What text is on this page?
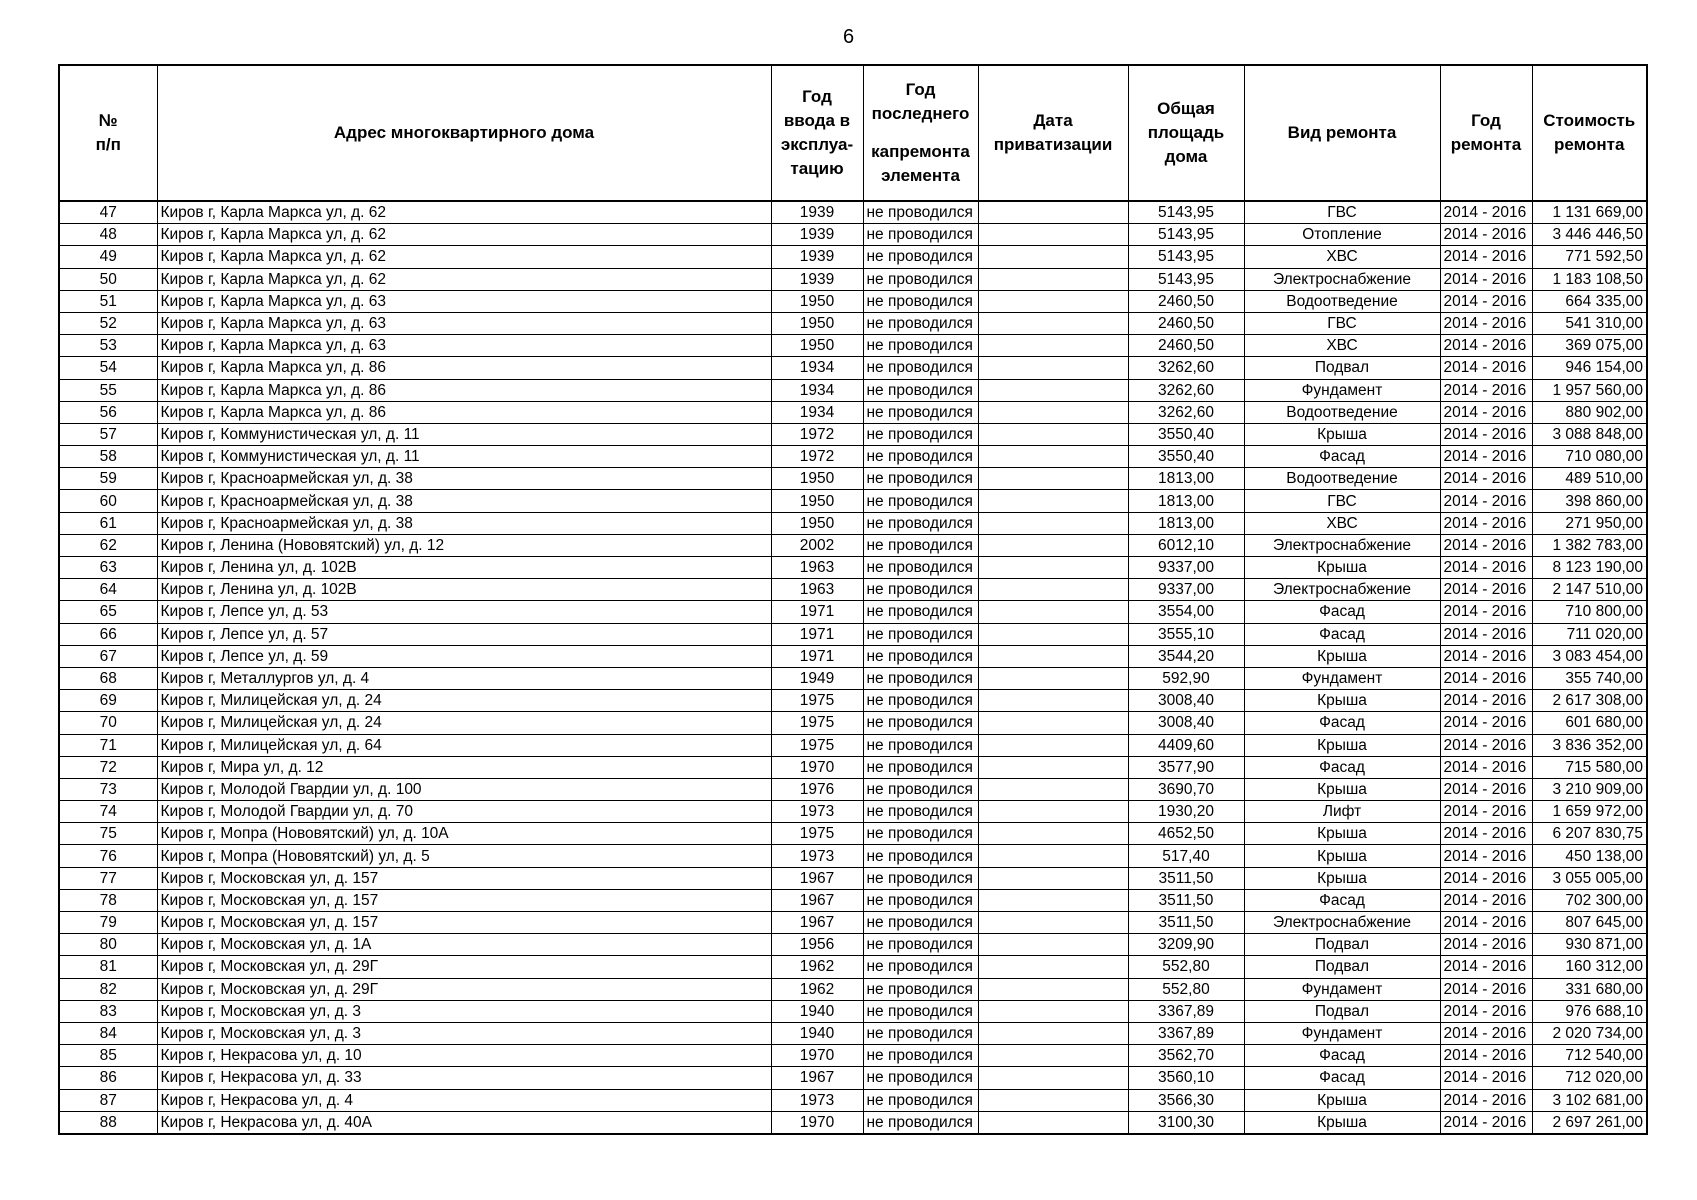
6
№
п/п	Адрес многоквартирного дома	Год
ввода в
эксплуа-
тацию	Год
последнего
капремонта
элемента	Дата
приватизации	Общая
площадь
дома	Вид ремонта	Год
ремонта	Стоимость
ремонта
47	Киров г, Карла Маркса ул, д. 62	1939	не проводился		5143,95	ГВС	2014 - 2016	1 131 669,00
48	Киров г, Карла Маркса ул, д. 62	1939	не проводился		5143,95	Отопление	2014 - 2016	3 446 446,50
49	Киров г, Карла Маркса ул, д. 62	1939	не проводился		5143,95	ХВС	2014 - 2016	771 592,50
50	Киров г, Карла Маркса ул, д. 62	1939	не проводился		5143,95	Электроснабжение	2014 - 2016	1 183 108,50
51	Киров г, Карла Маркса ул, д. 63	1950	не проводился		2460,50	Водоотведение	2014 - 2016	664 335,00
52	Киров г, Карла Маркса ул, д. 63	1950	не проводился		2460,50	ГВС	2014 - 2016	541 310,00
53	Киров г, Карла Маркса ул, д. 63	1950	не проводился		2460,50	ХВС	2014 - 2016	369 075,00
54	Киров г, Карла Маркса ул, д. 86	1934	не проводился		3262,60	Подвал	2014 - 2016	946 154,00
55	Киров г, Карла Маркса ул, д. 86	1934	не проводился		3262,60	Фундамент	2014 - 2016	1 957 560,00
56	Киров г, Карла Маркса ул, д. 86	1934	не проводился		3262,60	Водоотведение	2014 - 2016	880 902,00
57	Киров г, Коммунистическая ул, д. 11	1972	не проводился		3550,40	Крыша	2014 - 2016	3 088 848,00
58	Киров г, Коммунистическая ул, д. 11	1972	не проводился		3550,40	Фасад	2014 - 2016	710 080,00
59	Киров г, Красноармейская ул, д. 38	1950	не проводился		1813,00	Водоотведение	2014 - 2016	489 510,00
60	Киров г, Красноармейская ул, д. 38	1950	не проводился		1813,00	ГВС	2014 - 2016	398 860,00
61	Киров г, Красноармейская ул, д. 38	1950	не проводился		1813,00	ХВС	2014 - 2016	271 950,00
62	Киров г, Ленина (Нововятский) ул, д. 12	2002	не проводился		6012,10	Электроснабжение	2014 - 2016	1 382 783,00
63	Киров г, Ленина ул, д. 102В	1963	не проводился		9337,00	Крыша	2014 - 2016	8 123 190,00
64	Киров г, Ленина ул, д. 102В	1963	не проводился		9337,00	Электроснабжение	2014 - 2016	2 147 510,00
65	Киров г, Лепсе ул, д. 53	1971	не проводился		3554,00	Фасад	2014 - 2016	710 800,00
66	Киров г, Лепсе ул, д. 57	1971	не проводился		3555,10	Фасад	2014 - 2016	711 020,00
67	Киров г, Лепсе ул, д. 59	1971	не проводился		3544,20	Крыша	2014 - 2016	3 083 454,00
68	Киров г, Металлургов ул, д. 4	1949	не проводился		592,90	Фундамент	2014 - 2016	355 740,00
69	Киров г, Милицейская ул, д. 24	1975	не проводился		3008,40	Крыша	2014 - 2016	2 617 308,00
70	Киров г, Милицейская ул, д. 24	1975	не проводился		3008,40	Фасад	2014 - 2016	601 680,00
71	Киров г, Милицейская ул, д. 64	1975	не проводился		4409,60	Крыша	2014 - 2016	3 836 352,00
72	Киров г, Мира ул, д. 12	1970	не проводился		3577,90	Фасад	2014 - 2016	715 580,00
73	Киров г, Молодой Гвардии ул, д. 100	1976	не проводился		3690,70	Крыша	2014 - 2016	3 210 909,00
74	Киров г, Молодой Гвардии ул, д. 70	1973	не проводился		1930,20	Лифт	2014 - 2016	1 659 972,00
75	Киров г, Мопра (Нововятский) ул, д. 10А	1975	не проводился		4652,50	Крыша	2014 - 2016	6 207 830,75
76	Киров г, Мопра (Нововятский) ул, д. 5	1973	не проводился		517,40	Крыша	2014 - 2016	450 138,00
77	Киров г, Московская ул, д. 157	1967	не проводился		3511,50	Крыша	2014 - 2016	3 055 005,00
78	Киров г, Московская ул, д. 157	1967	не проводился		3511,50	Фасад	2014 - 2016	702 300,00
79	Киров г, Московская ул, д. 157	1967	не проводился		3511,50	Электроснабжение	2014 - 2016	807 645,00
80	Киров г, Московская ул, д. 1А	1956	не проводился		3209,90	Подвал	2014 - 2016	930 871,00
81	Киров г, Московская ул, д. 29Г	1962	не проводился		552,80	Подвал	2014 - 2016	160 312,00
82	Киров г, Московская ул, д. 29Г	1962	не проводился		552,80	Фундамент	2014 - 2016	331 680,00
83	Киров г, Московская ул, д. 3	1940	не проводился		3367,89	Подвал	2014 - 2016	976 688,10
84	Киров г, Московская ул, д. 3	1940	не проводился		3367,89	Фундамент	2014 - 2016	2 020 734,00
85	Киров г, Некрасова ул, д. 10	1970	не проводился		3562,70	Фасад	2014 - 2016	712 540,00
86	Киров г, Некрасова ул, д. 33	1967	не проводился		3560,10	Фасад	2014 - 2016	712 020,00
87	Киров г, Некрасова ул, д. 4	1973	не проводился		3566,30	Крыша	2014 - 2016	3 102 681,00
88	Киров г, Некрасова ул, д. 40А	1970	не проводился		3100,30	Крыша	2014 - 2016	2 697 261,00
